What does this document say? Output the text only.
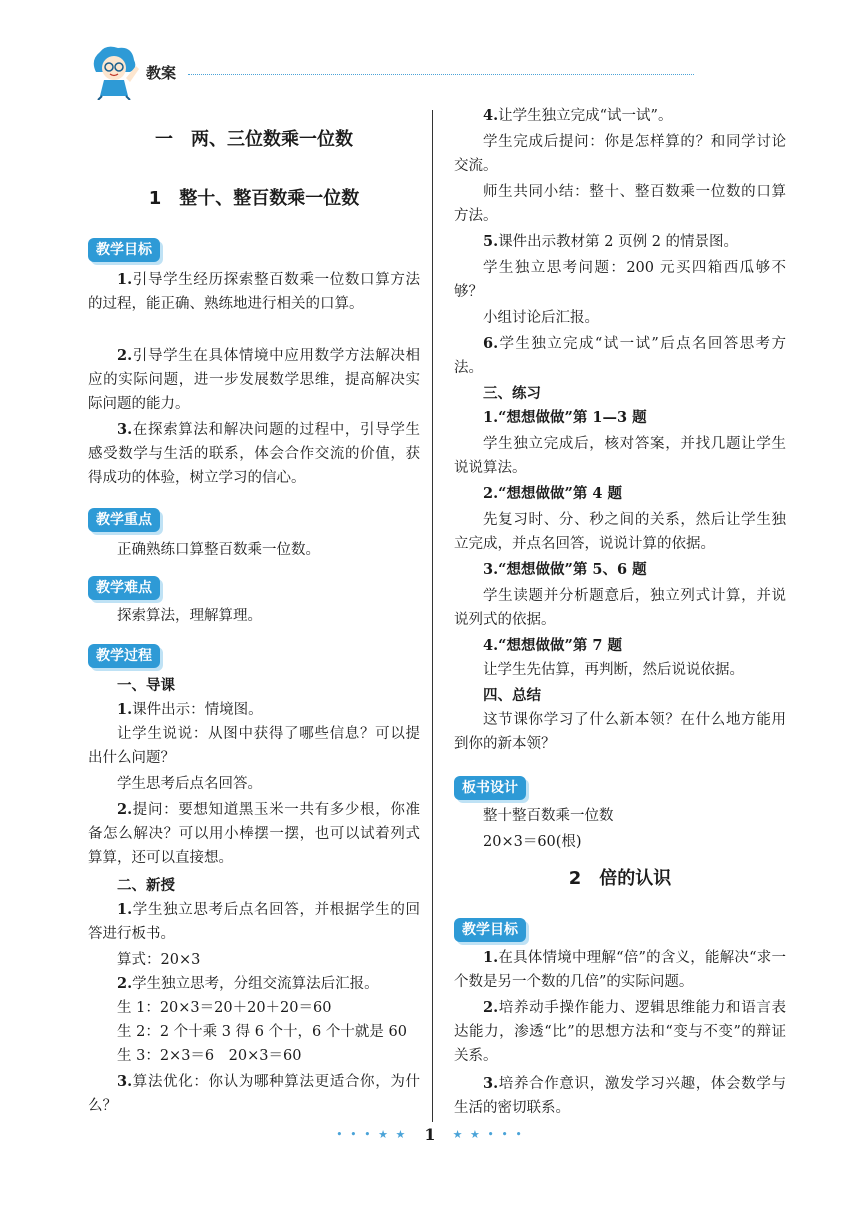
教案
一　两、三位数乘一位数
1　整十、整百数乘一位数
教学目标
1.引导学生经历探索整百数乘一位数口算方法的过程，能正确、熟练地进行相关的口算。
2.引导学生在具体情境中应用数学方法解决相应的实际问题，进一步发展数学思维，提高解决实际问题的能力。
3.在探索算法和解决问题的过程中，引导学生感受数学与生活的联系，体会合作交流的价值，获得成功的体验，树立学习的信心。
教学重点
正确熟练口算整百数乘一位数。
教学难点
探索算法，理解算理。
教学过程
一、导课
1.课件出示：情境图。
让学生说说：从图中获得了哪些信息？可以提出什么问题？
学生思考后点名回答。
2.提问：要想知道黑玉米一共有多少根，你准备怎么解决？可以用小棒摆一摆，也可以试着列式算算，还可以直接想。
二、新授
1.学生独立思考后点名回答，并根据学生的回答进行板书。
算式：20×3
2.学生独立思考，分组交流算法后汇报。
生 1：20×3＝20＋20＋20＝60
生 2：2 个十乘 3 得 6 个十，6 个十就是 60
生 3：2×3＝6　20×3＝60
3.算法优化：你认为哪种算法更适合你，为什么？
4.让学生独立完成“试一试”。
学生完成后提问：你是怎样算的？和同学讨论交流。
师生共同小结：整十、整百数乘一位数的口算方法。
5.课件出示教材第 2 页例 2 的情景图。
学生独立思考问题：200 元买四箱西瓜够不够？
小组讨论后汇报。
6.学生独立完成“试一试”后点名回答思考方法。
三、练习
1.“想想做做”第 1—3 题
学生独立完成后，核对答案，并找几题让学生说说算法。
2.“想想做做”第 4 题
先复习时、分、秒之间的关系，然后让学生独立完成，并点名回答，说说计算的依据。
3.“想想做做”第 5、6 题
学生读题并分析题意后，独立列式计算，并说说列式的依据。
4.“想想做做”第 7 题
让学生先估算，再判断，然后说说依据。
四、总结
这节课你学习了什么新本领？在什么地方能用到你的新本领？
板书设计
整十整百数乘一位数
20×3＝60(根)
2　倍的认识
教学目标
1.在具体情境中理解“倍”的含义，能解决“求一个数是另一个数的几倍”的实际问题。
2.培养动手操作能力、逻辑思维能力和语言表达能力，渗透“比”的思想方法和“变与不变”的辩证关系。
3.培养合作意识，激发学习兴趣，体会数学与生活的密切联系。
• • • ★ ★ 1 ★ ★ • • •
